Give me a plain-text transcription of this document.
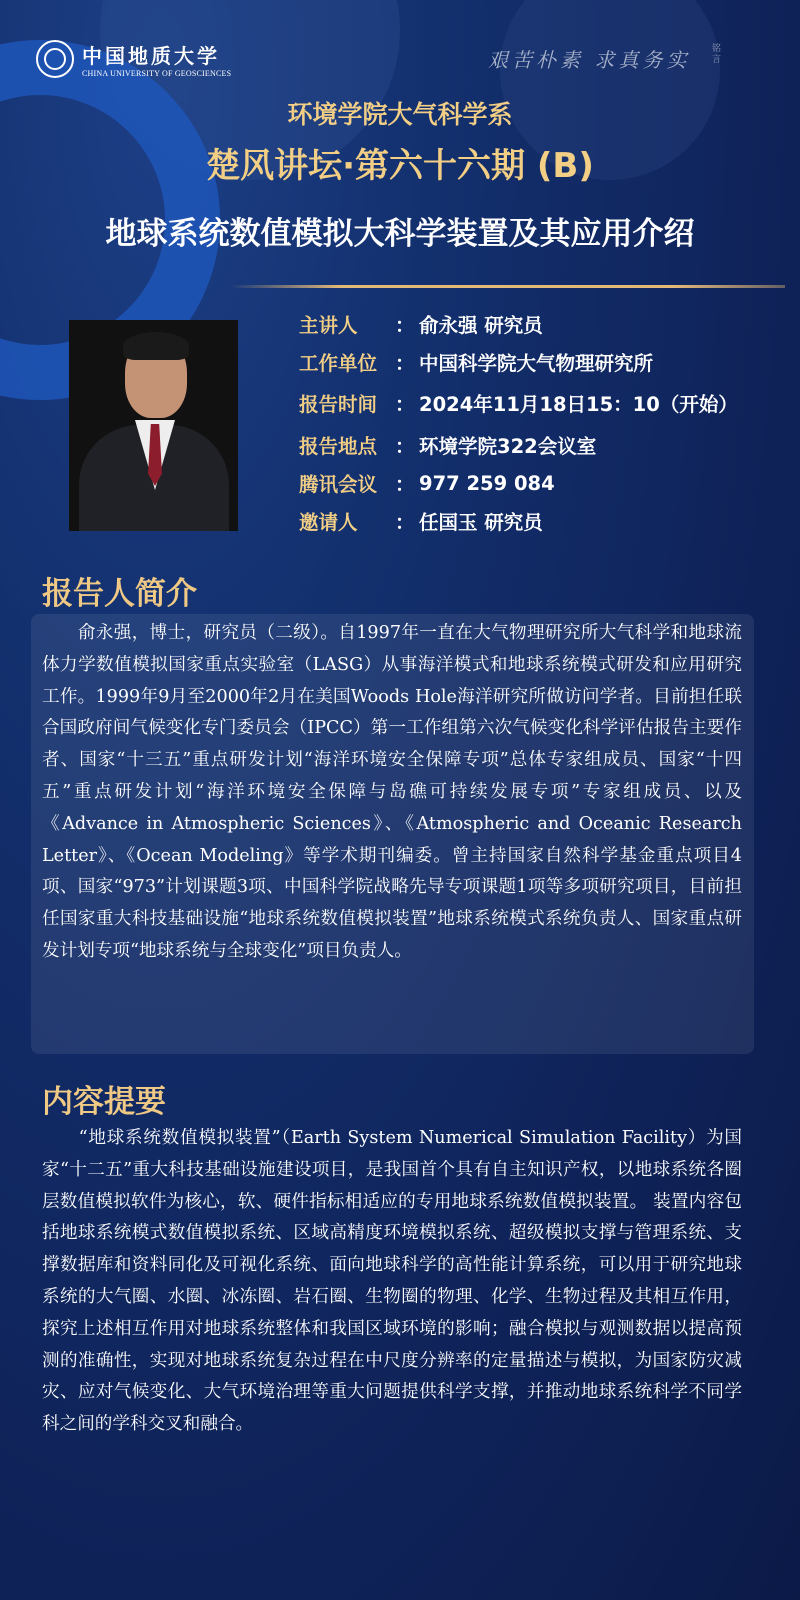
中国地质大学
CHINA UNIVERSITY OF GEOSCIENCES
艰苦朴素 求真务实 铭言
环境学院大气科学系
楚风讲坛·第六十六期 (B)
地球系统数值模拟大科学装置及其应用介绍
主讲人	： 俞永强 研究员
工作单位 ： 中国科学院大气物理研究所
报告时间 ： 2024年11月18日15：10（开始）
报告地点 ： 环境学院322会议室
腾讯会议 ： 977 259 084
邀请人	： 任国玉 研究员
报告人简介

　　俞永强，博士，研究员（二级）。自1997年一直在大气物理研究所大气科学和地球流体力学数值模拟国家重点实验室（LASG）从事海洋模式和地球系统模式研发和应用研究工作。1999年9月至2000年2月在美国Woods Hole海洋研究所做访问学者。目前担任联合国政府间气候变化专门委员会（IPCC）第一工作组第六次气候变化科学评估报告主要作者、国家“十三五”重点研发计划“海洋环境安全保障专项”总体专家组成员、国家“十四五”重点研发计划“海洋环境安全保障与岛礁可持续发展专项”专家组成员、以及《Advance in Atmospheric Sciences》、《Atmospheric and Oceanic Research Letter》、《Ocean Modeling》等学术期刊编委。曾主持国家自然科学基金重点项目4项、国家“973”计划课题3项、中国科学院战略先导专项课题1项等多项研究项目，目前担任国家重大科技基础设施“地球系统数值模拟装置”地球系统模式系统负责人、国家重点研发计划专项“地球系统与全球变化”项目负责人。

内容提要

　　“地球系统数值模拟装置”（Earth System Numerical Simulation Facility）为国家“十二五”重大科技基础设施建设项目，是我国首个具有自主知识产权，以地球系统各圈层数值模拟软件为核心，软、硬件指标相适应的专用地球系统数值模拟装置。 装置内容包括地球系统模式数值模拟系统、区域高精度环境模拟系统、超级模拟支撑与管理系统、支撑数据库和资料同化及可视化系统、面向地球科学的高性能计算系统，可以用于研究地球系统的大气圈、水圈、冰冻圈、岩石圈、生物圈的物理、化学、生物过程及其相互作用，探究上述相互作用对地球系统整体和我国区域环境的影响；融合模拟与观测数据以提高预测的准确性，实现对地球系统复杂过程在中尺度分辨率的定量描述与模拟，为国家防灾减灾、应对气候变化、大气环境治理等重大问题提供科学支撑，并推动地球系统科学不同学科之间的学科交叉和融合。
